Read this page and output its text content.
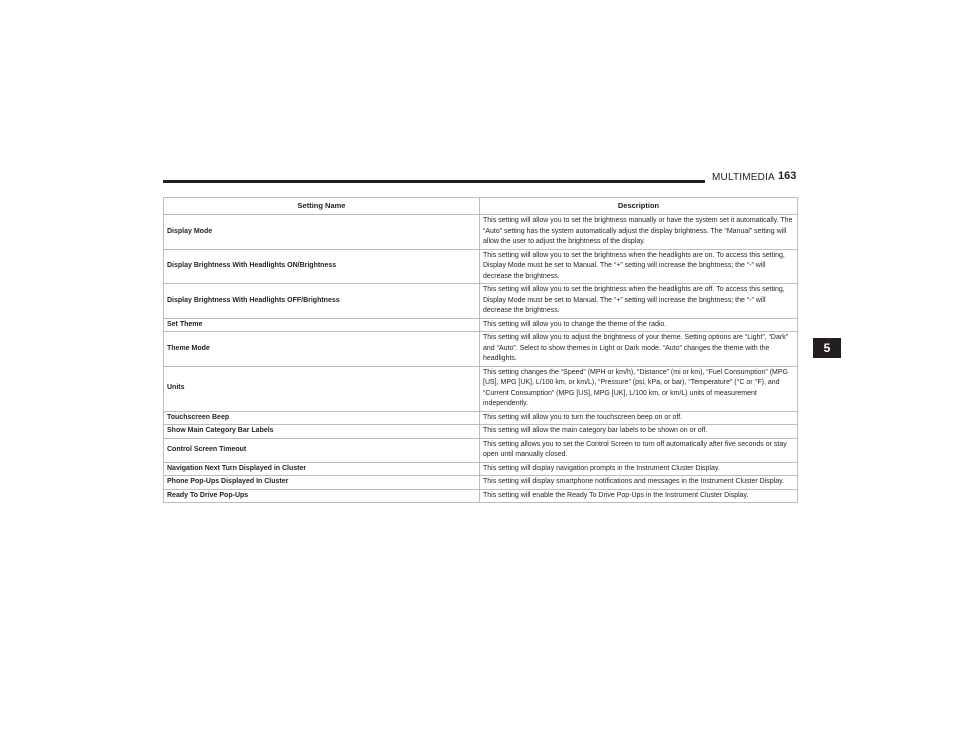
MULTIMEDIA 163
5
Setting Name	Description
Display Mode	This setting will allow you to set the brightness manually or have the system set it automatically. The “Auto” setting has the system automatically adjust the display brightness. The “Manual” setting will allow the user to adjust the brightness of the display.
Display Brightness With Headlights ON/Brightness	This setting will allow you to set the brightness when the headlights are on. To access this setting, Display Mode must be set to Manual. The “+” setting will increase the brightness; the “-” will decrease the brightness.
Display Brightness With Headlights OFF/Brightness	This setting will allow you to set the brightness when the headlights are off. To access this setting, Display Mode must be set to Manual. The “+” setting will increase the brightness; the “-” will decrease the brightness.
Set Theme	This setting will allow you to change the theme of the radio.
Theme Mode	This setting will allow you to adjust the brightness of your theme. Setting options are “Light”, “Dark” and “Auto”. Select to show themes in Light or Dark mode. “Auto” changes the theme with the headlights.
Units	This setting changes the “Speed” (MPH or km/h), “Distance” (mi or km), “Fuel Consumption” (MPG [US], MPG [UK], L/100 km, or km/L), “Pressure” (psi, kPa, or bar), “Temperature” (°C or °F), and “Current Consumption” (MPG [US], MPG [UK], L/100 km, or km/L) units of measurement independently.
Touchscreen Beep	This setting will allow you to turn the touchscreen beep on or off.
Show Main Category Bar Labels	This setting will allow the main category bar labels to be shown on or off.
Control Screen Timeout	This setting allows you to set the Control Screen to turn off automatically after five seconds or stay open until manually closed.
Navigation Next Turn Displayed in Cluster	This setting will display navigation prompts in the Instrument Cluster Display.
Phone Pop-Ups Displayed In Cluster	This setting will display smartphone notifications and messages in the Instrument Cluster Display.
Ready To Drive Pop-Ups	This setting will enable the Ready To Drive Pop-Ups in the Instrument Cluster Display.
